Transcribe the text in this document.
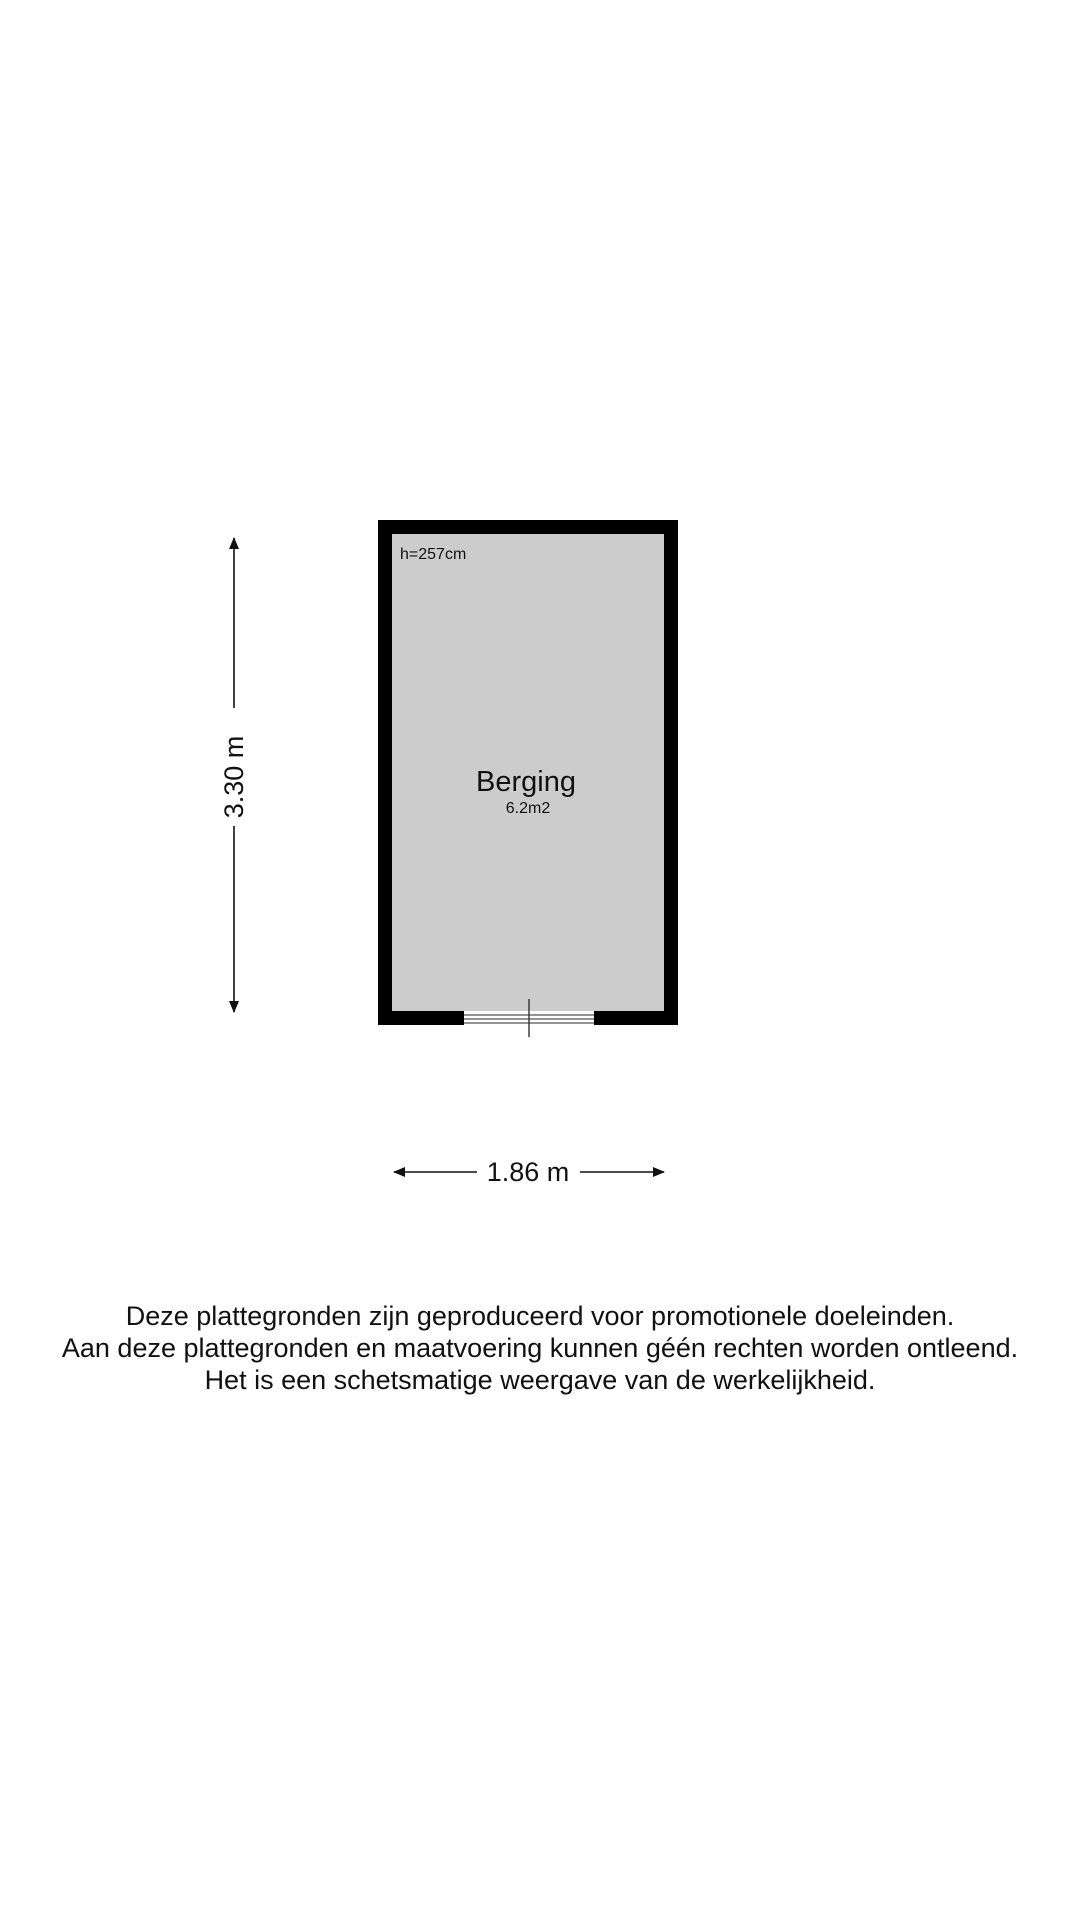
h=257cm
Berging
6.2m2
3.30 m
1.86 m
Deze plattegronden zijn geproduceerd voor promotionele doeleinden.
Aan deze plattegronden en maatvoering kunnen géén rechten worden ontleend.
Het is een schetsmatige weergave van de werkelijkheid.
